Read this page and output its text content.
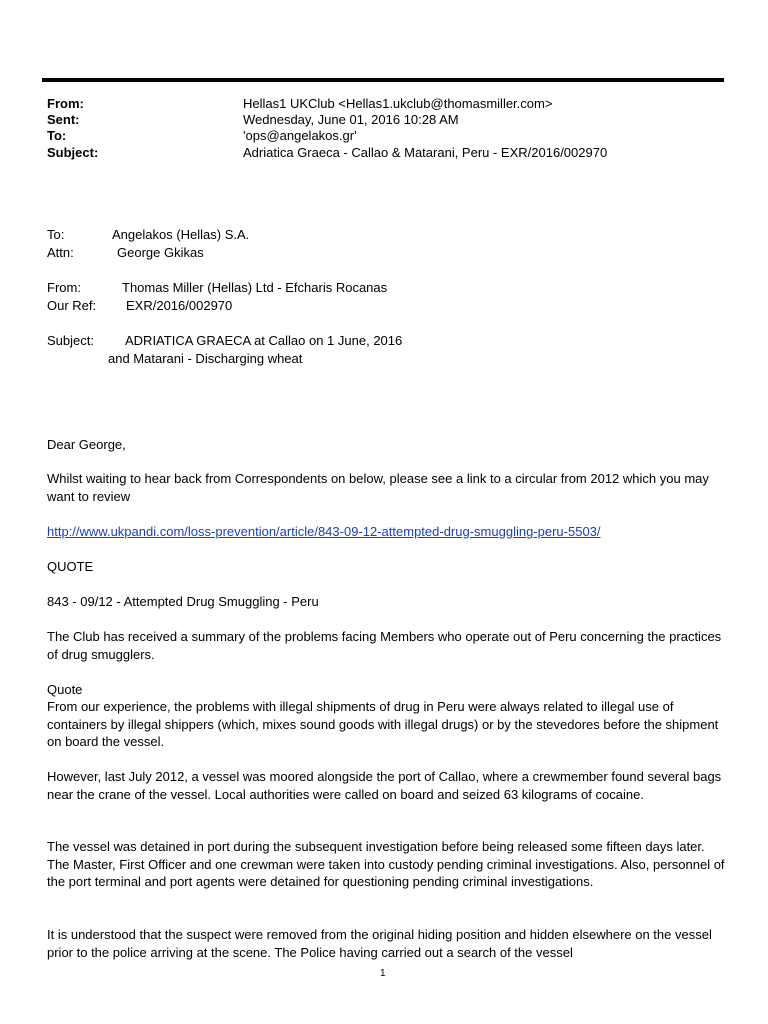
From:	Hellas1 UKClub <Hellas1.ukclub@thomasmiller.com>
Sent:	Wednesday, June 01, 2016 10:28 AM
To:	'ops@angelakos.gr'
Subject:	Adriatica Graeca - Callao & Matarani, Peru - EXR/2016/002970
To:	Angelakos (Hellas) S.A.
Attn:	George Gkikas
From:	Thomas Miller (Hellas) Ltd - Efcharis Rocanas
Our Ref: EXR/2016/002970
Subject: ADRIATICA GRAECA at Callao on 1 June, 2016
and Matarani - Discharging wheat
Dear George,
Whilst waiting to hear back from Correspondents on below, please see a link to a circular from 2012 which you may want to review
http://www.ukpandi.com/loss-prevention/article/843-09-12-attempted-drug-smuggling-peru-5503/
QUOTE
843 - 09/12 - Attempted Drug Smuggling - Peru
The Club has received a summary of the problems facing Members who operate out of Peru concerning the practices of drug smugglers.
Quote
From our experience, the problems with illegal shipments of drug in Peru were always related to illegal use of containers by illegal shippers (which, mixes sound goods with illegal drugs) or by the stevedores before the shipment on board the vessel.
However, last July 2012, a vessel was moored alongside the port of Callao, where a crewmember found several bags near the crane of the vessel. Local authorities were called on board and seized 63 kilograms of cocaine.
The vessel was detained in port during the subsequent investigation before being released some fifteen days later. The Master, First Officer and one crewman were taken into custody pending criminal investigations. Also, personnel of the port terminal and port agents were detained for questioning pending criminal investigations.
It is understood that the suspect were removed from the original hiding position and hidden elsewhere on the vessel prior to the police arriving at the scene. The Police having carried out a search of the vessel
1
